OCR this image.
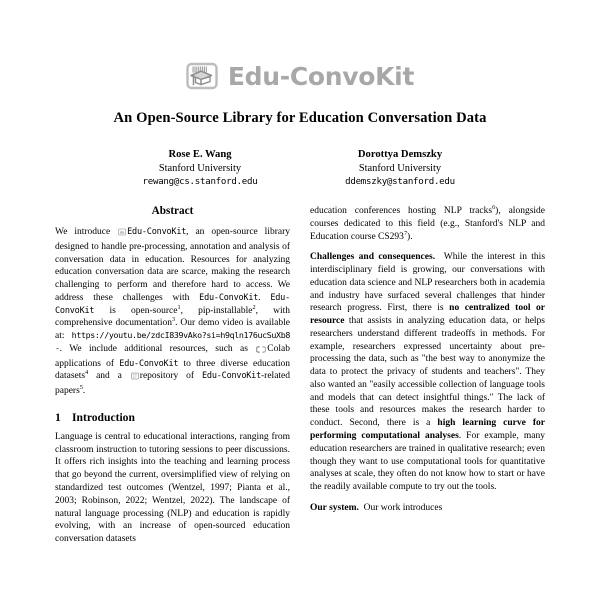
Edu-ConvoKit
An Open-Source Library for Education Conversation Data
Rose E. Wang
Stanford University
rewang@cs.stanford.edu
Dorottya Demszky
Stanford University
ddemszky@stanford.edu
Abstract

We introduce Edu-ConvoKit, an open-source library designed to handle pre-processing, annotation and analysis of conversation data in education. Resources for analyzing education conversation data are scarce, making the research challenging to perform and therefore hard to access. We address these challenges with Edu-ConvoKit. Edu-ConvoKit is open-source$^1$, pip-installable$^2$, with comprehensive documentation$^3$. Our demo video is available at: https://youtu.be/zdcI839vAko?si=h9qln176ucSuXb8-. We include additional resources, such as Colab applications of Edu-ConvoKit to three diverse education datasets$^4$ and a repository of Edu-ConvoKit-related papers$^5$.

1 Introduction

Language is central to educational interactions, ranging from classroom instruction to tutoring sessions to peer discussions. It offers rich insights into the teaching and learning process that go beyond the current, oversimplified view of relying on standardized test outcomes (Wentzel, 1997; Pianta et al., 2003; Robinson, 2022; Wentzel, 2022). The landscape of natural language processing (NLP) and education is rapidly evolving, with an increase of open-sourced education conversation datasets

education conferences hosting NLP tracks$^6$), alongside courses dedicated to this field (e.g., Stanford's NLP and Education course $CS293^7$).

Challenges and consequences. While the interest in this interdisciplinary field is growing, our conversations with education data science and NLP researchers both in academia and industry have surfaced several challenges that hinder research progress. First, there is no centralized tool or resource that assists in analyzing education data, or helps researchers understand different tradeoffs in methods. For example, researchers expressed uncertainty about pre-processing the data, such as "the best way to anonymize the data to protect the privacy of students and teachers". They also wanted an "easily accessible collection of language tools and models that can detect insightful things." The lack of these tools and resources makes the research harder to conduct. Second, there is a high learning curve for performing computational analyses. For example, many education researchers are trained in qualitative research; even though they want to use computational tools for quantitative analyses at scale, they often do not know how to start or have the readily available compute to try out the tools.

Our system. Our work introduces
